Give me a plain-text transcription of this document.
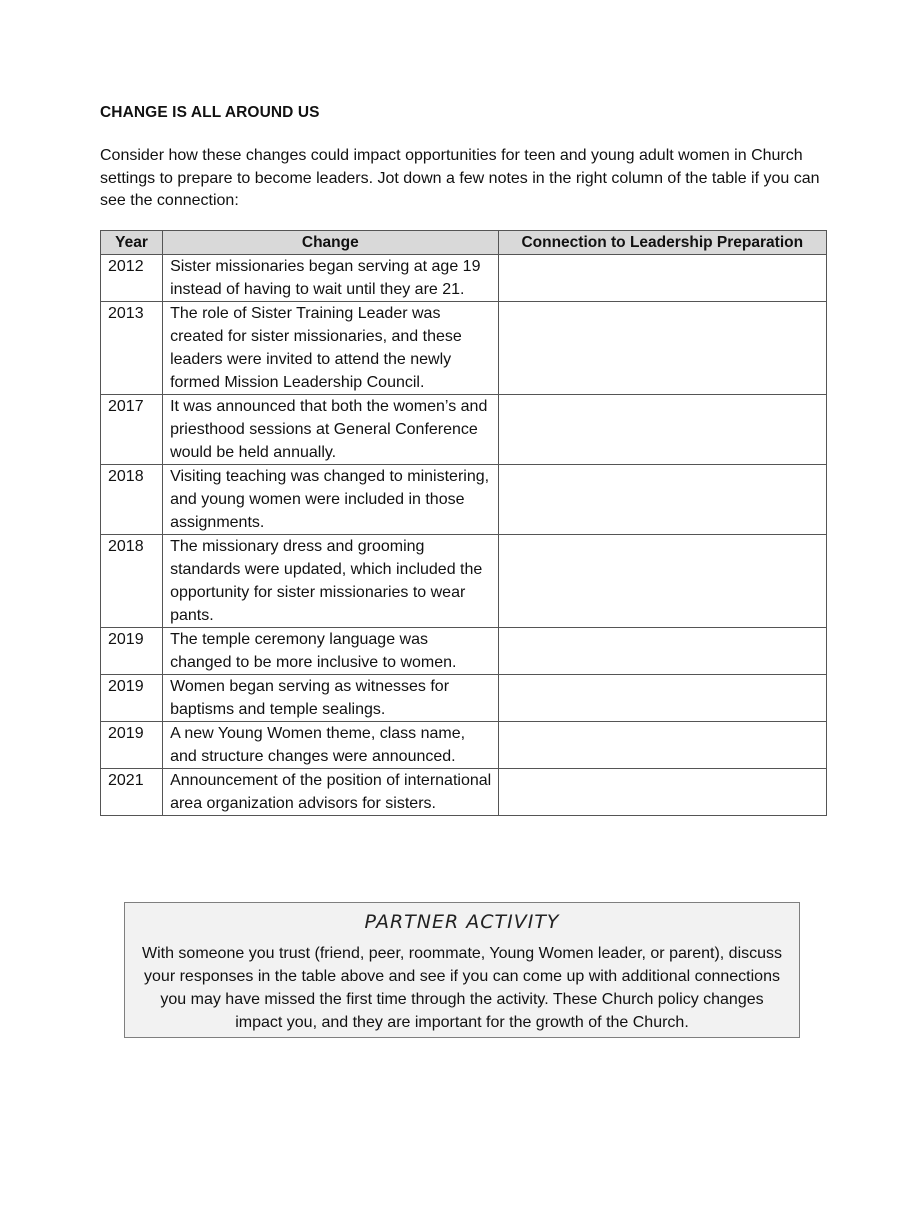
CHANGE IS ALL AROUND US
Consider how these changes could impact opportunities for teen and young adult women in Church settings to prepare to become leaders. Jot down a few notes in the right column of the table if you can see the connection:
Year	Change	Connection to Leadership Preparation
2012	Sister missionaries began serving at age 19 instead of having to wait until they are 21.	
2013	The role of Sister Training Leader was created for sister missionaries, and these leaders were invited to attend the newly formed Mission Leadership Council.	
2017	It was announced that both the women’s and priesthood sessions at General Conference would be held annually.	
2018	Visiting teaching was changed to ministering, and young women were included in those assignments.	
2018	The missionary dress and grooming standards were updated, which included the opportunity for sister missionaries to wear pants.	
2019	The temple ceremony language was changed to be more inclusive to women.	
2019	Women began serving as witnesses for baptisms and temple sealings.	
2019	A new Young Women theme, class name, and structure changes were announced.	
2021	Announcement of the position of international area organization advisors for sisters.	
PARTNER ACTIVITY
With someone you trust (friend, peer, roommate, Young Women leader, or parent), discuss your responses in the table above and see if you can come up with additional connections you may have missed the first time through the activity. These Church policy changes impact you, and they are important for the growth of the Church.
